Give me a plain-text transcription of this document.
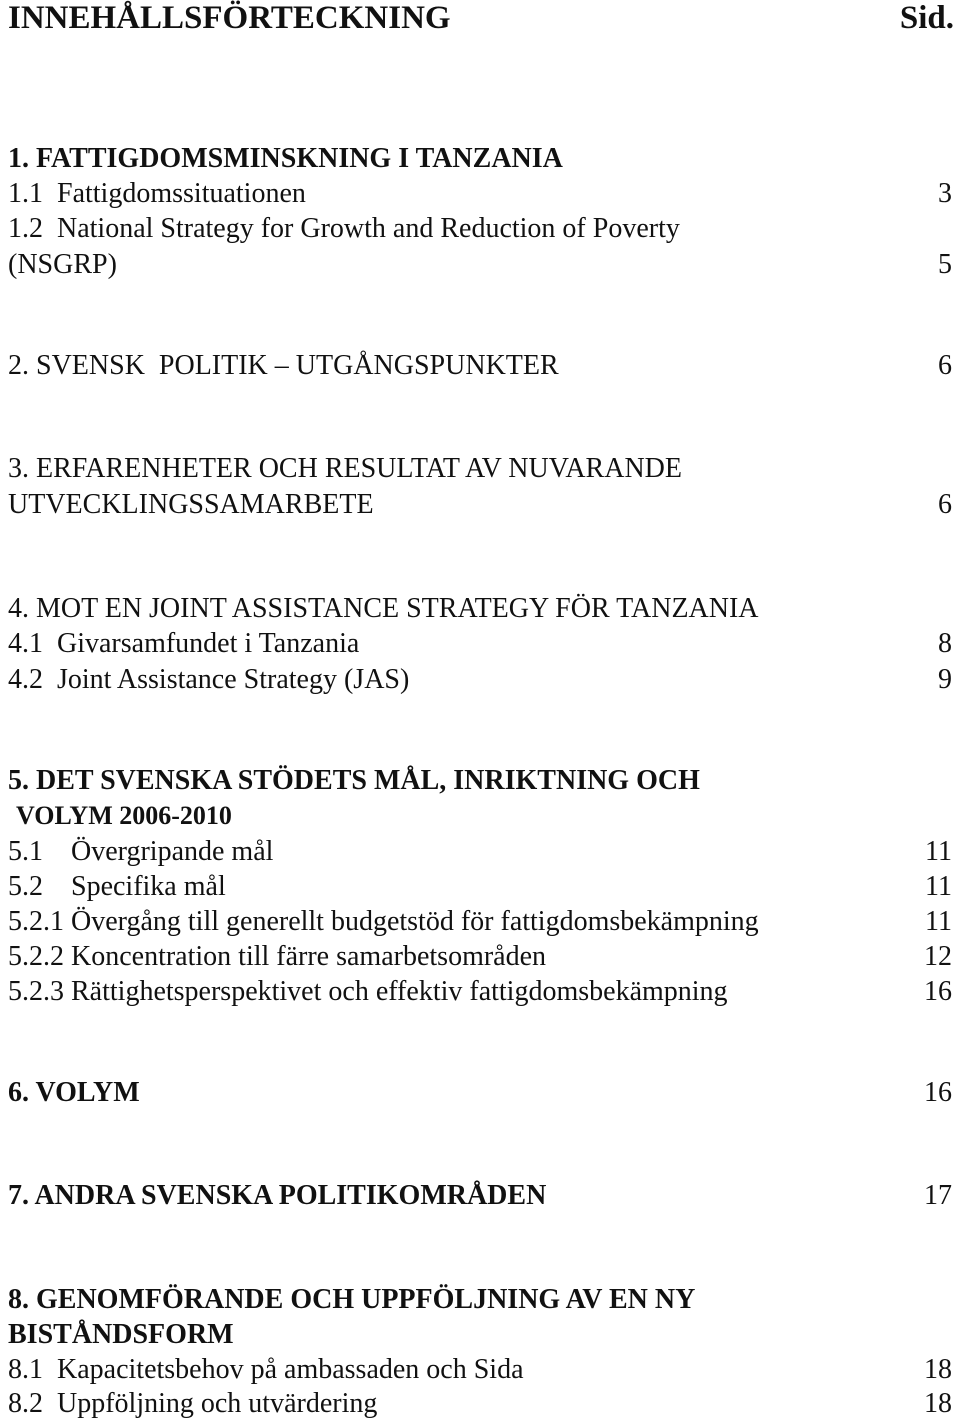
INNEHÅLLSFÖRTECKNING	Sid.
1. FATTIGDOMSMINSKNING I TANZANIA
1.1  Fattigdomssituationen	3
1.2  National Strategy for Growth and Reduction of Poverty
(NSGRP)	5
2. SVENSK  POLITIK – UTGÅNGSPUNKTER	6
3. ERFARENHETER OCH RESULTAT AV NUVARANDE
UTVECKLINGSSAMARBETE	6
4. MOT EN JOINT ASSISTANCE STRATEGY FÖR TANZANIA
4.1  Givarsamfundet i Tanzania	8
4.2  Joint Assistance Strategy (JAS)	9
5. DET SVENSKA STÖDETS MÅL, INRIKTNING OCH
VOLYM 2006-2010
5.1    Övergripande mål	11
5.2    Specifika mål	11
5.2.1 Övergång till generellt budgetstöd för fattigdomsbekämpning	11
5.2.2 Koncentration till färre samarbetsområden	12
5.2.3 Rättighetsperspektivet och effektiv fattigdomsbekämpning	16
6. VOLYM	16
7. ANDRA SVENSKA POLITIKOMRÅDEN	17
8. GENOMFÖRANDE OCH UPPFÖLJNING AV EN NY
BISTÅNDSFORM
8.1  Kapacitetsbehov på ambassaden och Sida	18
8.2  Uppföljning och utvärdering	18
